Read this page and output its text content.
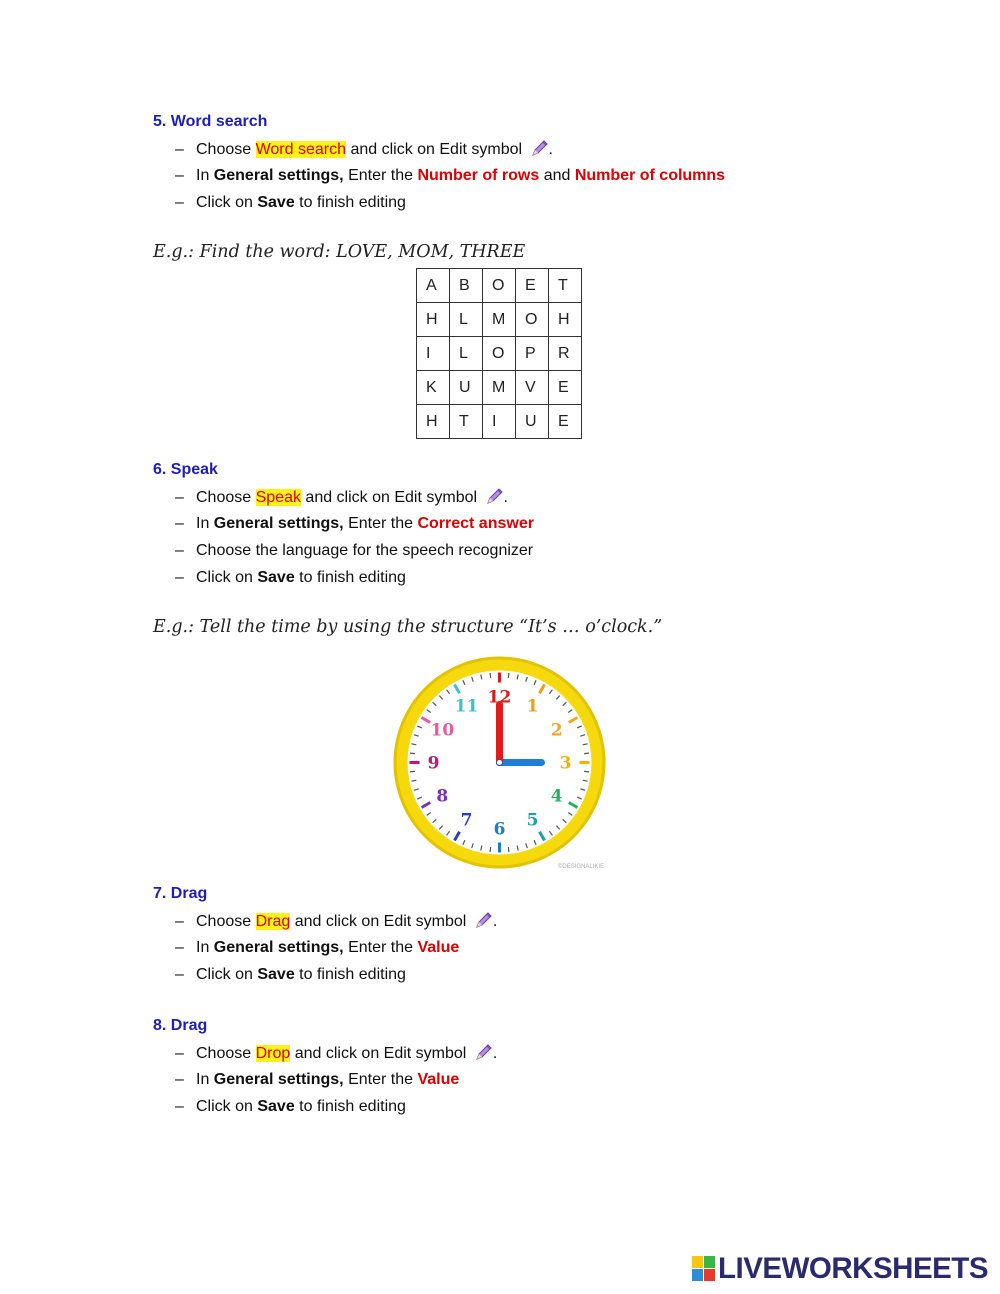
5. Word search
– Choose Word search and click on Edit symbol .
– In General settings, Enter the Number of rows and Number of columns
– Click on Save to finish editing
E.g.: Find the word: LOVE, MOM, THREE
A	B	O	E	T
H	L	M	O	H
I	L	O	P	R
K	U	M	V	E
H	T	I	U	E
6. Speak
– Choose Speak and click on Edit symbol .
– In General settings, Enter the Correct answer
– Choose the language for the speech recognizer
– Click on Save to finish editing
E.g.: Tell the time by using the structure “It’s … o’clock.”
1
2
3
4
5
6
7
8
9
10
11 12
©DESIGNALIKIE
7. Drag
– Choose Drag and click on Edit symbol .
– In General settings, Enter the Value
– Click on Save to finish editing
8. Drag
– Choose Drop and click on Edit symbol .
– In General settings, Enter the Value
– Click on Save to finish editing
LIVEWORKSHEETS
